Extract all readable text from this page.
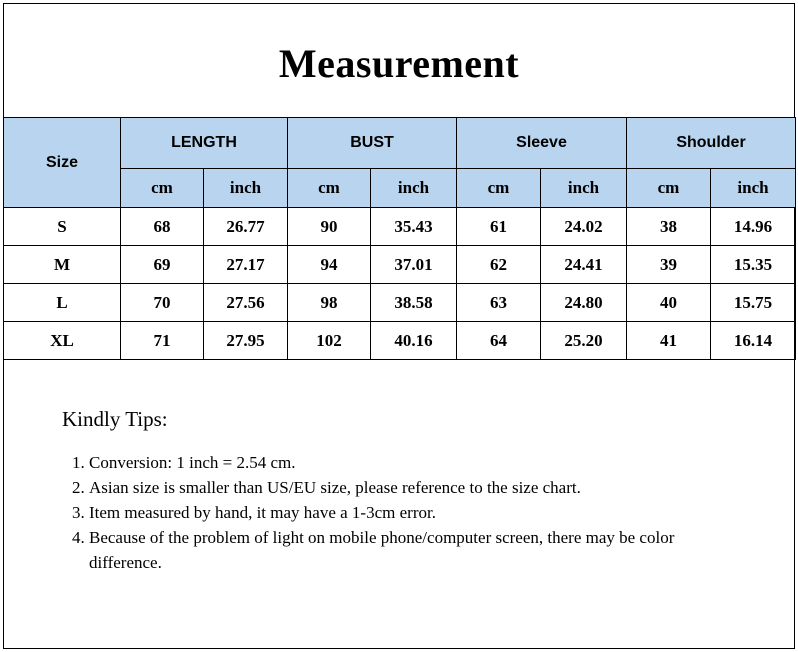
Measurement
Size	LENGTH		BUST		Sleeve		Shoulder	
	cm	inch	cm	inch	cm	inch	cm	inch
S	68	26.77	90	35.43	61	24.02	38	14.96
M	69	27.17	94	37.01	62	24.41	39	15.35
L	70	27.56	98	38.58	63	24.80	40	15.75
XL	71	27.95	102	40.16	64	25.20	41	16.14
Kindly Tips:
1. Conversion: 1 inch = 2.54 cm.
2. Asian size is smaller than US/EU size, please reference to the size chart.
3. Item measured by hand, it may have a 1-3cm error.
4. Because of the problem of light on mobile phone/computer screen, there may be color difference.
